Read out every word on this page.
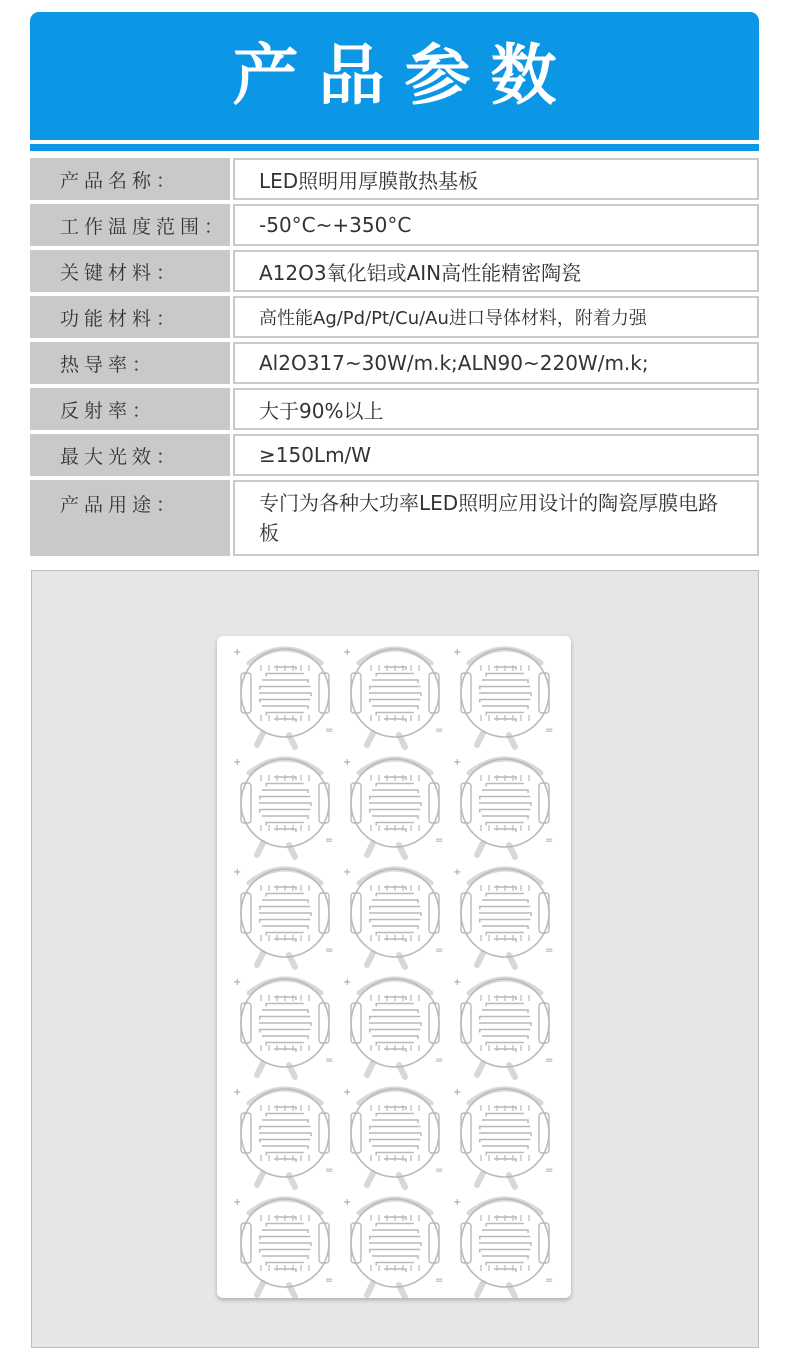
产品参数
产品名称：	LED照明用厚膜散热基板
工作温度范围：	-50°C~+350°C
关键材料：	A12O3氧化铝或AIN高性能精密陶瓷
功能材料：	高性能Ag/Pd/Pt/Cu/Au进口导体材料，附着力强
热导率：	Al2O317~30W/m.k;ALN90~220W/m.k;
反射率：	大于90%以上
最大光效：	≥150Lm/W
产品用途：	专门为各种大功率LED照明应用设计的陶瓷厚膜电路板
+
=
+
=
+
=
+
=
+
=
+
=
+
=
+
=
+
=
+
=
+
=
+
=
+
=
+
=
+
=
+
=
+
=
+
=
